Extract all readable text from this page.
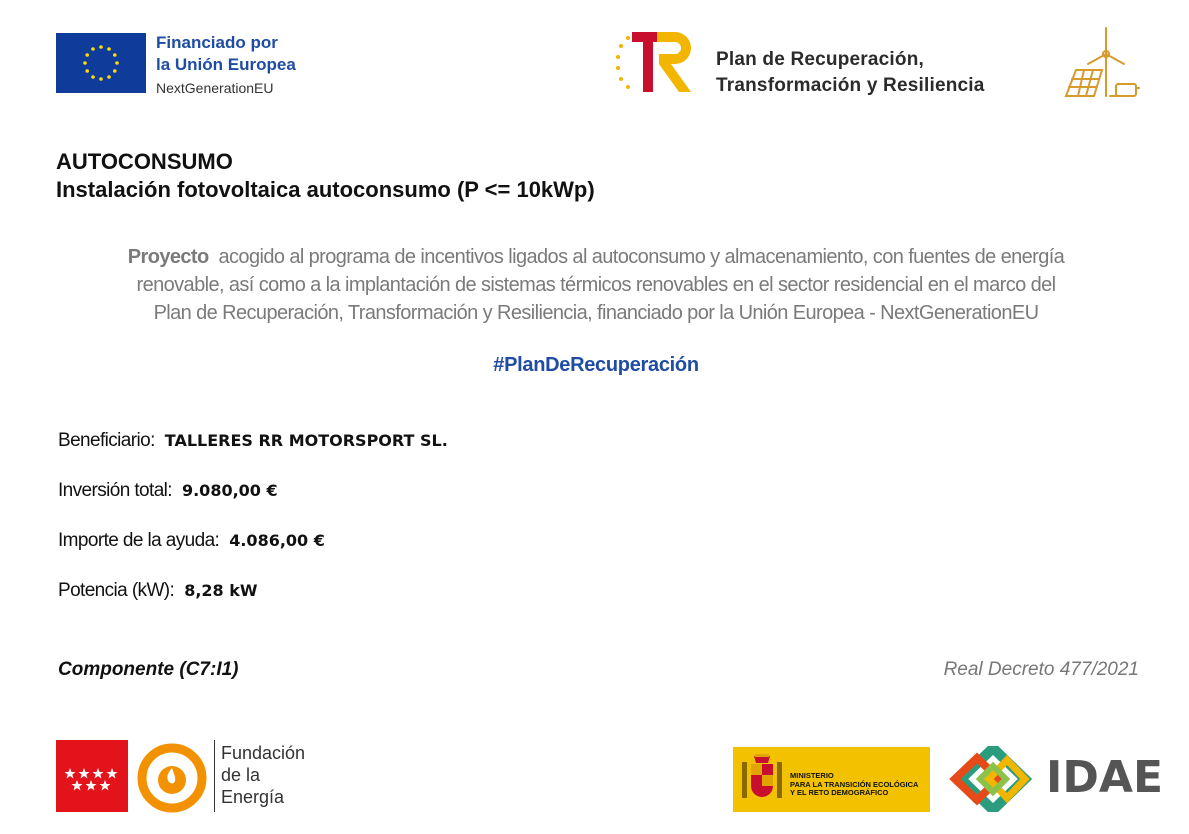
Financiado por
la Unión Europea
NextGenerationEU
Plan de Recuperación,
Transformación y Resiliencia
AUTOCONSUMO
Instalación fotovoltaica autoconsumo (P <= 10kWp)
Proyecto acogido al programa de incentivos ligados al autoconsumo y almacenamiento, con fuentes de energía
renovable, así como a la implantación de sistemas térmicos renovables en el sector residencial en el marco del
Plan de Recuperación, Transformación y Resiliencia, financiado por la Unión Europea - NextGenerationEU
#PlanDeRecuperación
Beneficiario: TALLERES RR MOTORSPORT SL.
Inversión total: 9.080,00 €
Importe de la ayuda: 4.086,00 €
Potencia (kW): 8,28 kW
Componente (C7:I1)	Real Decreto 477/2021
Fundación
de la
Energía
MINISTERIO
PARA LA TRANSICIÓN ECOLÓGICA
Y EL RETO DEMOGRÁFICO	IDAE
